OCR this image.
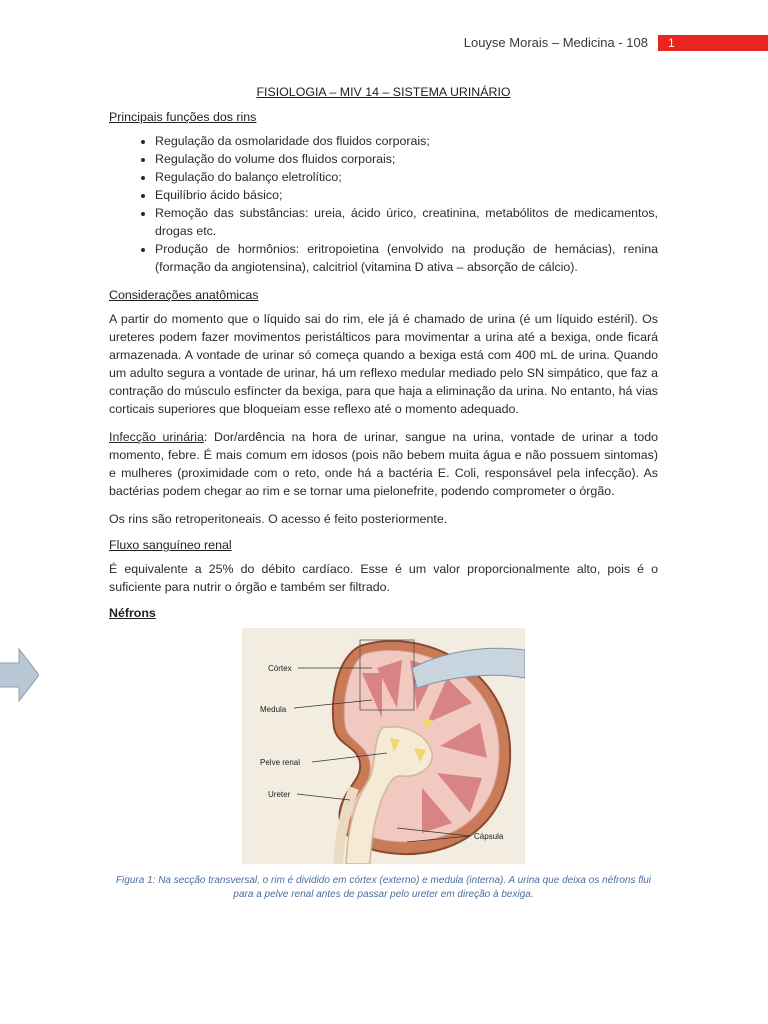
Louyse Morais – Medicina - 108	1
FISIOLOGIA – MIV 14 – SISTEMA URINÁRIO
Principais funções dos rins
• Regulação da osmolaridade dos fluidos corporais;
• Regulação do volume dos fluidos corporais;
• Regulação do balanço eletrolítico;
• Equilíbrio ácido básico;
• Remoção das substâncias: ureia, ácido úrico, creatinina, metabólitos de medicamentos, drogas etc.
• Produção de hormônios: eritropoietina (envolvido na produção de hemácias), renina (formação da angiotensina), calcitriol (vitamina D ativa – absorção de cálcio).
Considerações anatômicas

A partir do momento que o líquido sai do rim, ele já é chamado de urina (é um líquido estéril). Os ureteres podem fazer movimentos peristálticos para movimentar a urina até a bexiga, onde ficará armazenada. A vontade de urinar só começa quando a bexiga está com 400 mL de urina. Quando um adulto segura a vontade de urinar, há um reflexo medular mediado pelo SN simpático, que faz a contração do músculo esfíncter da bexiga, para que haja a eliminação da urina. No entanto, há vias corticais superiores que bloqueiam esse reflexo até o momento adequado.

Infecção urinária: Dor/ardência na hora de urinar, sangue na urina, vontade de urinar a todo momento, febre. É mais comum em idosos (pois não bebem muita água e não possuem sintomas) e mulheres (proximidade com o reto, onde há a bactéria E. Coli, responsável pela infecção). As bactérias podem chegar ao rim e se tornar uma pielonefrite, podendo comprometer o órgão.

Os rins são retroperitoneais. O acesso é feito posteriormente.

Fluxo sanguíneo renal

É equivalente a 25% do débito cardíaco. Esse é um valor proporcionalmente alto, pois é o suficiente para nutrir o órgão e também ser filtrado.

Néfrons
Córtex
Medula
Pelve renal
Ureter
Cápsula
Figura 1: Na secção transversal, o rim é dividido em córtex (externo) e medula (interna). A urina que deixa os néfrons flui para a pelve renal antes de passar pelo ureter em direção à bexiga.
